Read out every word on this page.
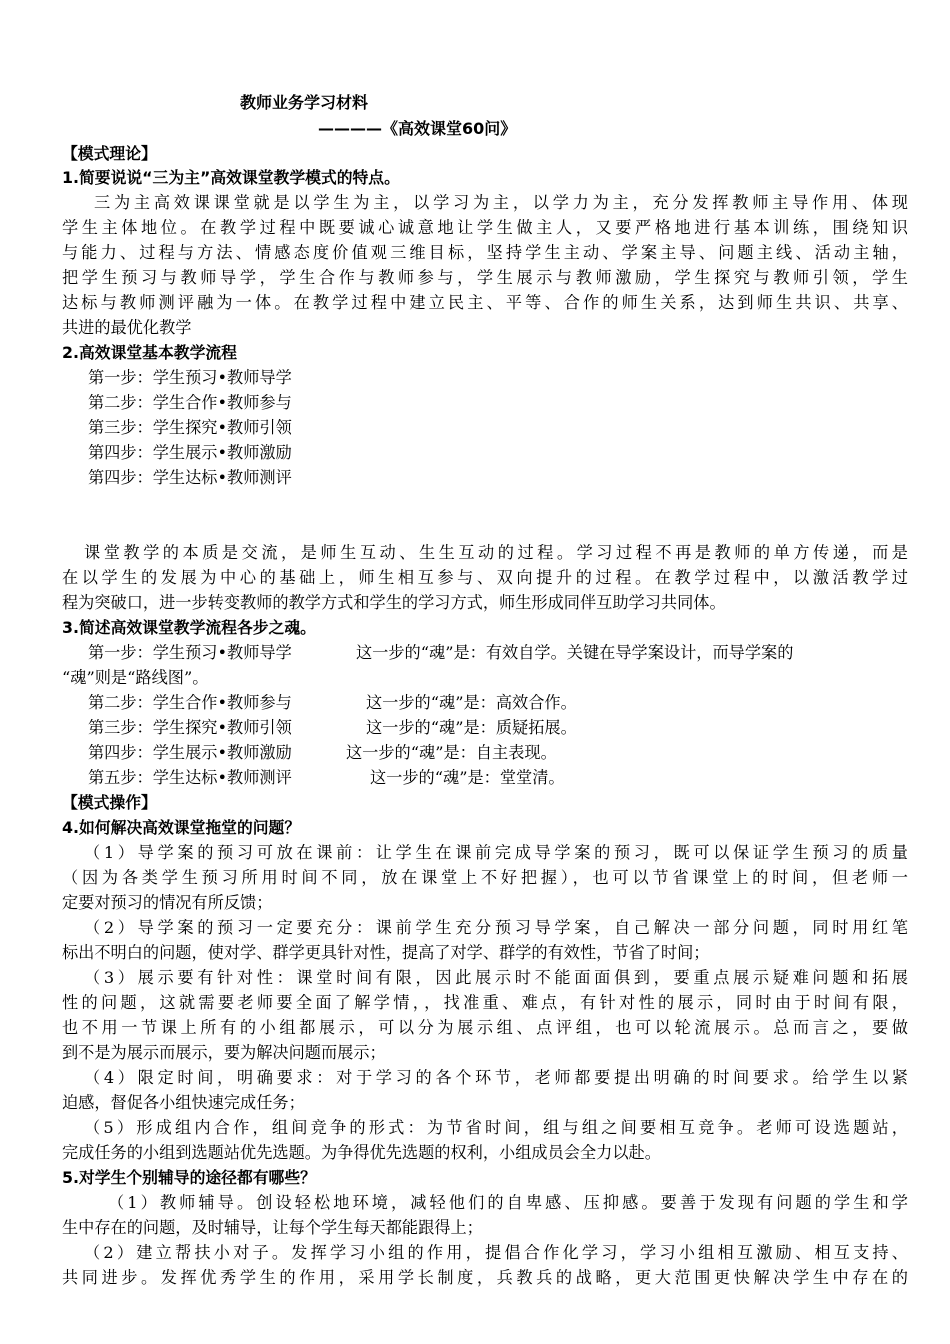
教师业务学习材料
————《高效课堂60问》
【模式理论】
1.简要说说“三为主”高效课堂教学模式的特点。
三为主高效课课堂就是以学生为主，以学习为主，以学力为主，充分发挥教师主导作用、体现
学生主体地位。在教学过程中既要诚心诚意地让学生做主人，又要严格地进行基本训练，围绕知识
与能力、过程与方法、情感态度价值观三维目标，坚持学生主动、学案主导、问题主线、活动主轴，
把学生预习与教师导学，学生合作与教师参与，学生展示与教师激励，学生探究与教师引领，学生
达标与教师测评融为一体。在教学过程中建立民主、平等、合作的师生关系，达到师生共识、共享、
共进的最优化教学
2.高效课堂基本教学流程
第一步：学生预习•教师导学
第二步：学生合作•教师参与
第三步：学生探究•教师引领
第四步：学生展示•教师激励
第四步：学生达标•教师测评
课堂教学的本质是交流，是师生互动、生生互动的过程。学习过程不再是教师的单方传递，而是
在以学生的发展为中心的基础上，师生相互参与、双向提升的过程。在教学过程中，以激活教学过
程为突破口，进一步转变教师的教学方式和学生的学习方式，师生形成同伴互助学习共同体。
3.简述高效课堂教学流程各步之魂。
第一步：学生预习•教师导学	这一步的“魂”是：有效自学。关键在导学案设计，而导学案的
“魂”则是“路线图”。
第二步：学生合作•教师参与	这一步的“魂”是：高效合作。
第三步：学生探究•教师引领	这一步的“魂”是：质疑拓展。
第四步：学生展示•教师激励	这一步的“魂”是：自主表现。
第五步：学生达标•教师测评	这一步的“魂”是：堂堂清。
【模式操作】
4.如何解决高效课堂拖堂的问题？
（1）导学案的预习可放在课前：让学生在课前完成导学案的预习，既可以保证学生预习的质量
（因为各类学生预习所用时间不同，放在课堂上不好把握），也可以节省课堂上的时间，但老师一
定要对预习的情况有所反馈；
（2）导学案的预习一定要充分：课前学生充分预习导学案，自己解决一部分问题，同时用红笔
标出不明白的问题，使对学、群学更具针对性，提高了对学、群学的有效性，节省了时间；
（3）展示要有针对性：课堂时间有限，因此展示时不能面面俱到，要重点展示疑难问题和拓展
性的问题，这就需要老师要全面了解学情，，找准重、难点，有针对性的展示，同时由于时间有限，
也不用一节课上所有的小组都展示，可以分为展示组、点评组，也可以轮流展示。总而言之，要做
到不是为展示而展示，要为解决问题而展示；
（4）限定时间，明确要求：对于学习的各个环节，老师都要提出明确的时间要求。给学生以紧
迫感，督促各小组快速完成任务；
（5）形成组内合作，组间竞争的形式：为节省时间，组与组之间要相互竞争。老师可设选题站，
完成任务的小组到选题站优先选题。为争得优先选题的权利，小组成员会全力以赴。
5.对学生个别辅导的途径都有哪些？
（1）教师辅导。创设轻松地环境，减轻他们的自卑感、压抑感。要善于发现有问题的学生和学
生中存在的问题，及时辅导，让每个学生每天都能跟得上；
（2）建立帮扶小对子。发挥学习小组的作用，提倡合作化学习，学习小组相互激励、相互支持、
共同进步。发挥优秀学生的作用，采用学长制度，兵教兵的战略，更大范围更快解决学生中存在的
